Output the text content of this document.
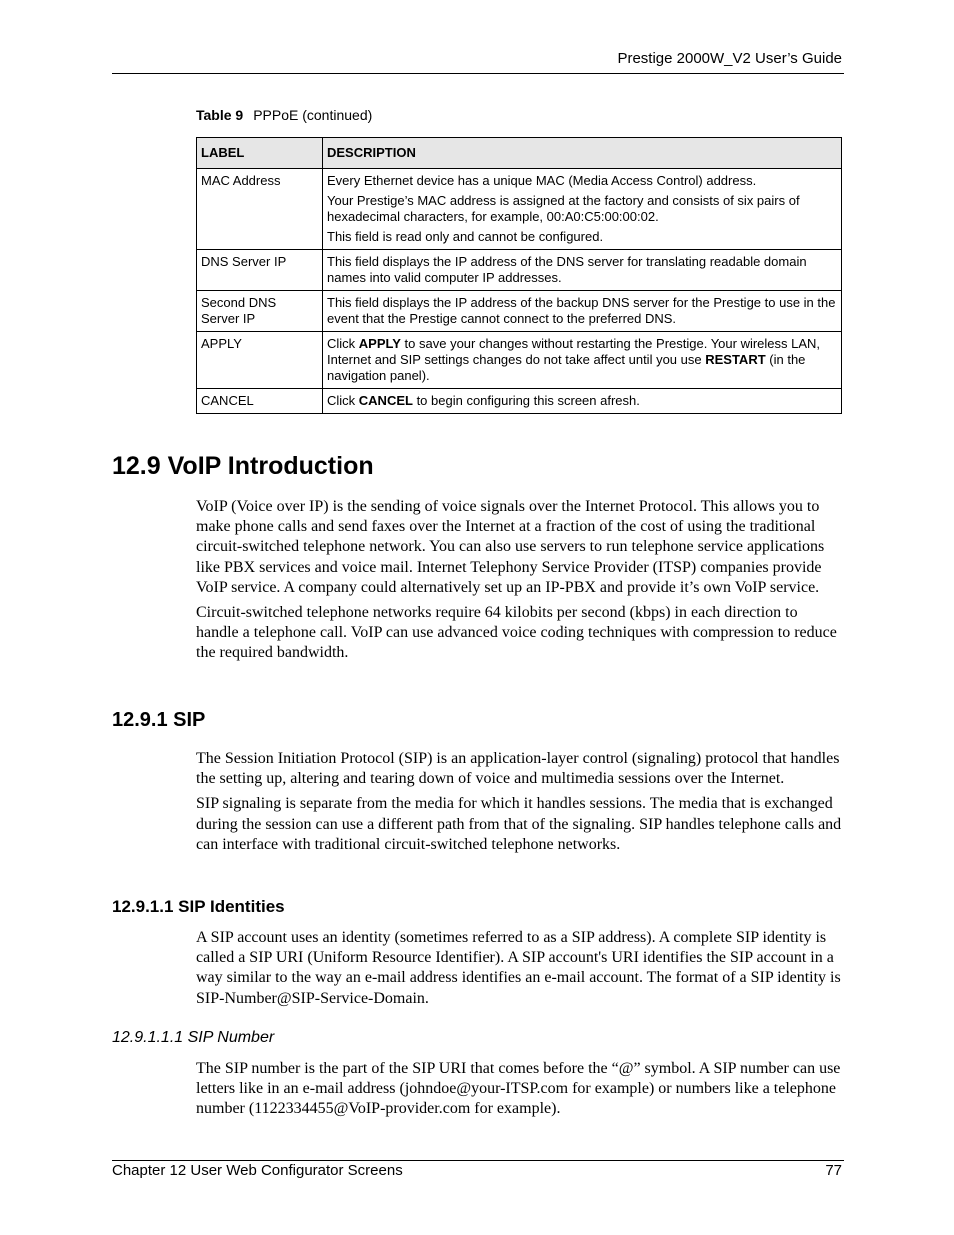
Prestige 2000W_V2 User’s Guide
Table 9 PPPoE (continued)
LABEL	DESCRIPTION
MAC Address	Every Ethernet device has a unique MAC (Media Access Control) address.

Your Prestige’s MAC address is assigned at the factory and consists of six pairs of hexadecimal characters, for example, 00:A0:C5:00:00:02.

This field is read only and cannot be configured.

DNS Server IP	This field displays the IP address of the DNS server for translating readable domain names into valid computer IP addresses.

Second DNS Server IP	This field displays the IP address of the backup DNS server for the Prestige to use in the event that the Prestige cannot connect to the preferred DNS.

APPLY	Click APPLY to save your changes without restarting the Prestige. Your wireless LAN, Internet and SIP settings changes do not take affect until you use RESTART (in the navigation panel).

CANCEL	Click CANCEL to begin configuring this screen afresh.

12.9 VoIP Introduction

VoIP (Voice over IP) is the sending of voice signals over the Internet Protocol. This allows you to make phone calls and send faxes over the Internet at a fraction of the cost of using the traditional circuit-switched telephone network. You can also use servers to run telephone service applications like PBX services and voice mail. Internet Telephony Service Provider (ITSP) companies provide VoIP service. A company could alternatively set up an IP-PBX and provide it’s own VoIP service.

Circuit-switched telephone networks require 64 kilobits per second (kbps) in each direction to handle a telephone call. VoIP can use advanced voice coding techniques with compression to reduce the required bandwidth.

12.9.1 SIP

The Session Initiation Protocol (SIP) is an application-layer control (signaling) protocol that handles the setting up, altering and tearing down of voice and multimedia sessions over the Internet.

SIP signaling is separate from the media for which it handles sessions. The media that is exchanged during the session can use a different path from that of the signaling. SIP handles telephone calls and can interface with traditional circuit-switched telephone networks.

12.9.1.1 SIP Identities

A SIP account uses an identity (sometimes referred to as a SIP address). A complete SIP identity is called a SIP URI (Uniform Resource Identifier). A SIP account's URI identifies the SIP account in a way similar to the way an e-mail address identifies an e-mail account. The format of a SIP identity is SIP-Number@SIP-Service-Domain.

12.9.1.1.1 SIP Number

The SIP number is the part of the SIP URI that comes before the “@” symbol. A SIP number can use letters like in an e-mail address (johndoe@your-ITSP.com for example) or numbers like a telephone number (1122334455@VoIP-provider.com for example).

Chapter 12 User Web Configurator Screens	77
